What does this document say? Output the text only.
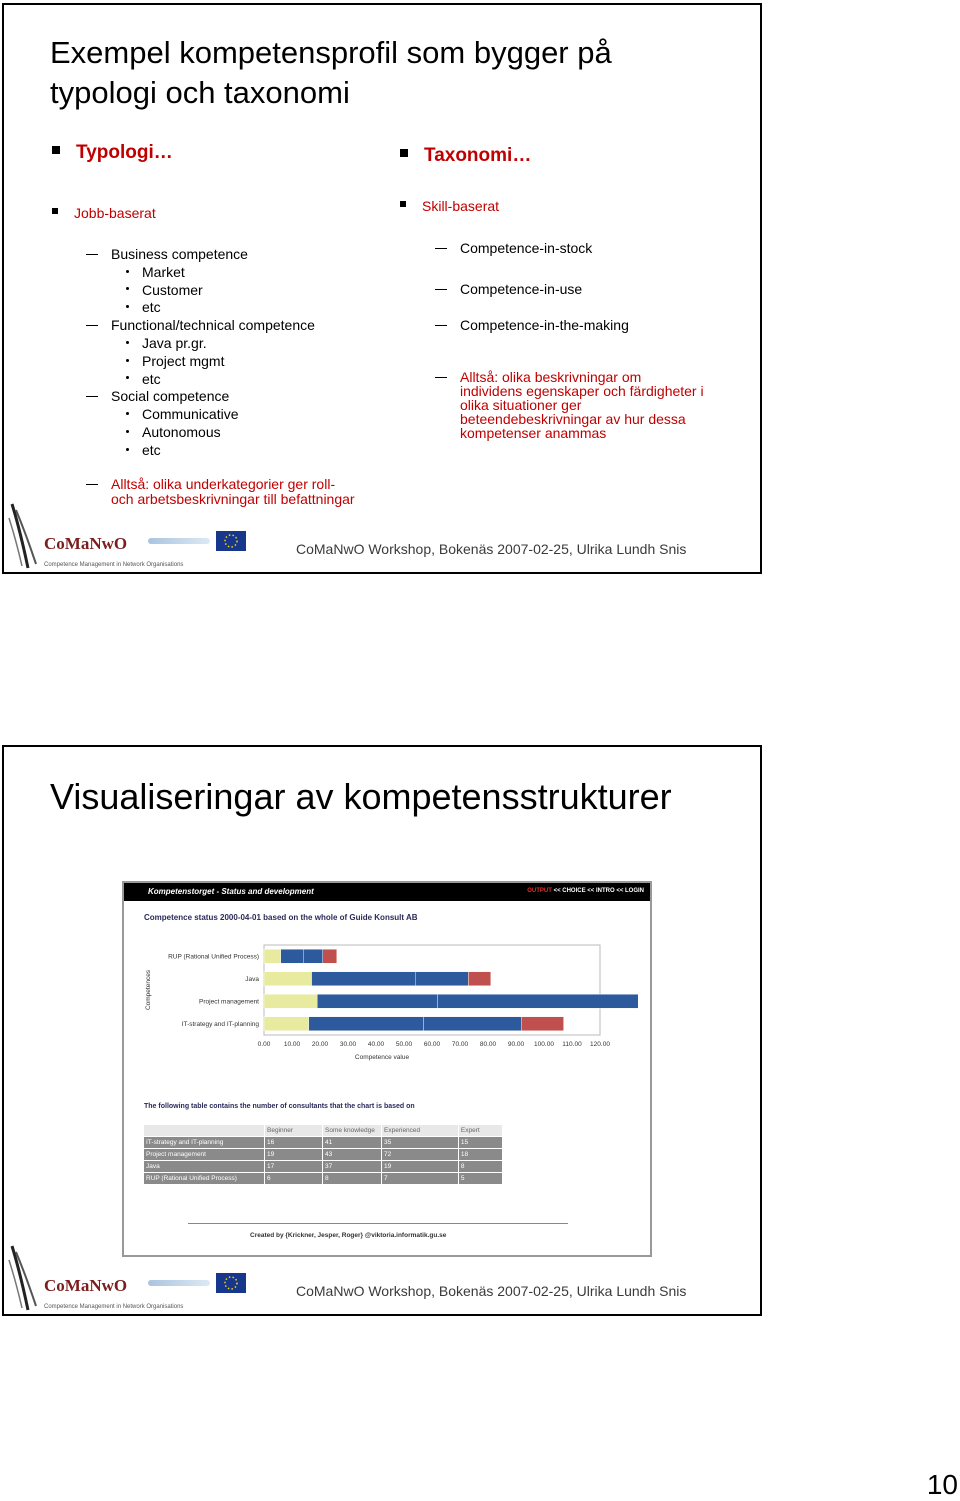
Exempel kompetensprofil som bygger på
typologi och taxonomi
Typologi…
Jobb-baserat
Business competence
Market
Customer
etc
Functional/technical competence
Java pr.gr.
Project mgmt
etc
Social competence
Communicative
Autonomous
etc
Alltså: olika underkategorier ger roll-
och arbetsbeskrivningar till befattningar
Taxonomi…
Skill-baserat
Competence-in-stock
Competence-in-use
Competence-in-the-making
Alltså: olika beskrivningar om
individens egenskaper och färdigheter i
olika situationer ger
beteendebeskrivningar av hur dessa
kompetenser anammas
CoMaNwO
Competence Management in Network Organisations
CoMaNwO Workshop, Bokenäs 2007-02-25, Ulrika Lundh Snis
Visualiseringar av kompetensstrukturer
Kompetenstorget - Status and development	OUTPUT << CHOICE << INTRO << LOGIN
Competence status 2000-04-01 based on the whole of Guide Konsult AB
RUP (Rational Unified Process)
Java
Project management
IT-strategy and IT-planning
0.00 10.00 20.00 30.00 40.00 50.00 60.00 70.00 80.00 90.00 100.00 110.00 120.00
Competence value
Competences
The following table contains the number of consultants that the chart is based on
	Beginner	Some knowledge	Experienced	Expert
IT-strategy and IT-planning	16	41	35	15
Project management	19	43	72	18
Java	17	37	19	8
RUP (Rational Unified Process)	6	8	7	5
Created by {Krickner, Jesper, Roger} @viktoria.informatik.gu.se
CoMaNwO
Competence Management in Network Organisations
CoMaNwO Workshop, Bokenäs 2007-02-25, Ulrika Lundh Snis
10
